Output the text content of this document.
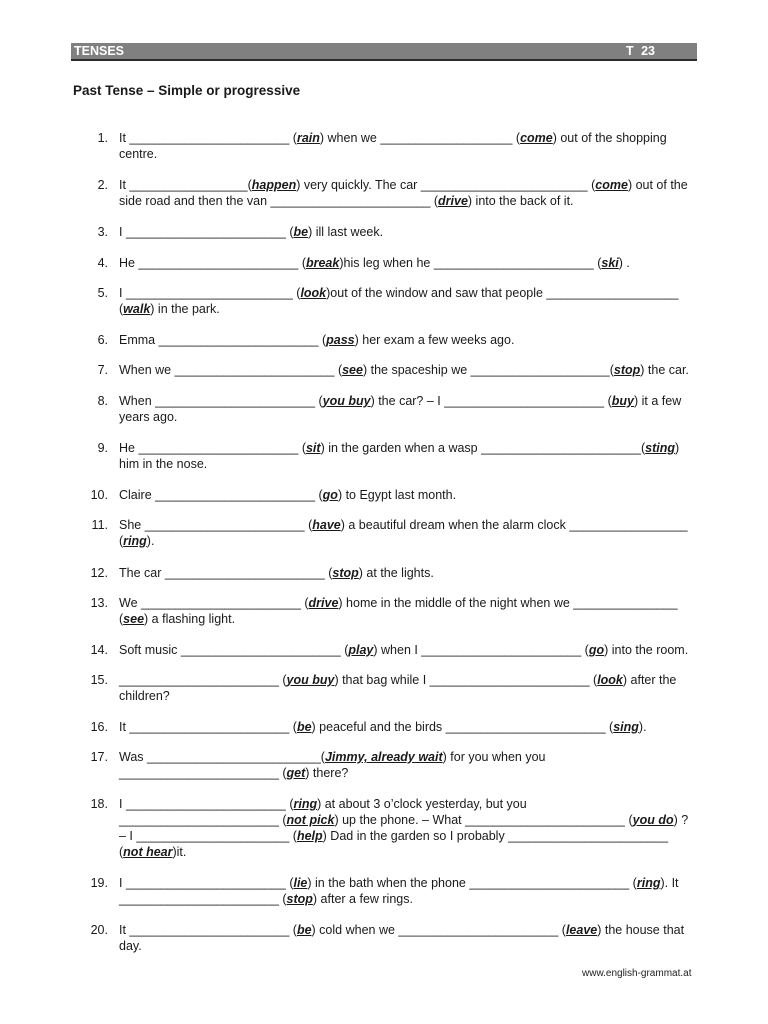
TENSES	T 23
Past Tense – Simple or progressive
1. It _______________________ (rain) when we ___________________ (come) out of the shopping
centre.
2. It _________________(happen) very quickly. The car ________________________ (come) out of the
side road and then the van _______________________ (drive) into the back of it.
3. I _______________________ (be) ill last week.
4. He _______________________ (break)his leg when he _______________________ (ski) .
5. I ________________________ (look)out of the window and saw that people ___________________
(walk) in the park.
6. Emma _______________________ (pass) her exam a few weeks ago.
7. When we _______________________ (see) the spaceship we ____________________(stop) the car.
8. When _______________________ (you buy) the car? – I _______________________ (buy) it a few
years ago.
9. He _______________________ (sit) in the garden when a wasp _______________________(sting)
him in the nose.
10. Claire _______________________ (go) to Egypt last month.
11. She _______________________ (have) a beautiful dream when the alarm clock _________________
(ring).
12. The car _______________________ (stop) at the lights.
13. We _______________________ (drive) home in the middle of the night when we _______________
(see) a flashing light.
14. Soft music _______________________ (play) when I _______________________ (go) into the room.
15. _______________________ (you buy) that bag while I _______________________ (look) after the
children?
16. It _______________________ (be) peaceful and the birds _______________________ (sing).
17. Was _________________________(Jimmy, already wait) for you when you
_______________________ (get) there?
18. I _______________________ (ring) at about 3 o’clock yesterday, but you
_______________________ (not pick) up the phone. – What _______________________ (you do) ?
– I ______________________ (help) Dad in the garden so I probably _______________________
(not hear)it.
19. I _______________________ (lie) in the bath when the phone _______________________ (ring). It
_______________________ (stop) after a few rings.
20. It _______________________ (be) cold when we _______________________ (leave) the house that
day.
www.english-grammat.at
